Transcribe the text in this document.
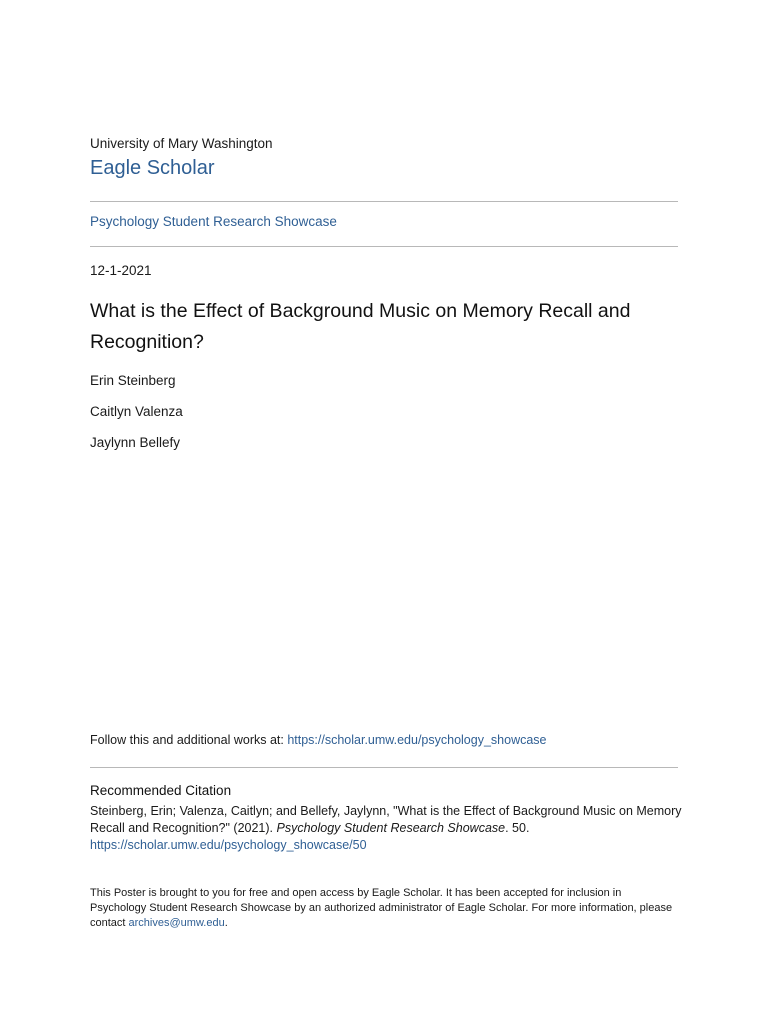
University of Mary Washington
Eagle Scholar
Psychology Student Research Showcase
12-1-2021
What is the Effect of Background Music on Memory Recall and Recognition?
Erin Steinberg
Caitlyn Valenza
Jaylynn Bellefy
Follow this and additional works at: https://scholar.umw.edu/psychology_showcase
Recommended Citation
Steinberg, Erin; Valenza, Caitlyn; and Bellefy, Jaylynn, "What is the Effect of Background Music on Memory Recall and Recognition?" (2021). Psychology Student Research Showcase. 50.
https://scholar.umw.edu/psychology_showcase/50
This Poster is brought to you for free and open access by Eagle Scholar. It has been accepted for inclusion in Psychology Student Research Showcase by an authorized administrator of Eagle Scholar. For more information, please contact archives@umw.edu.
